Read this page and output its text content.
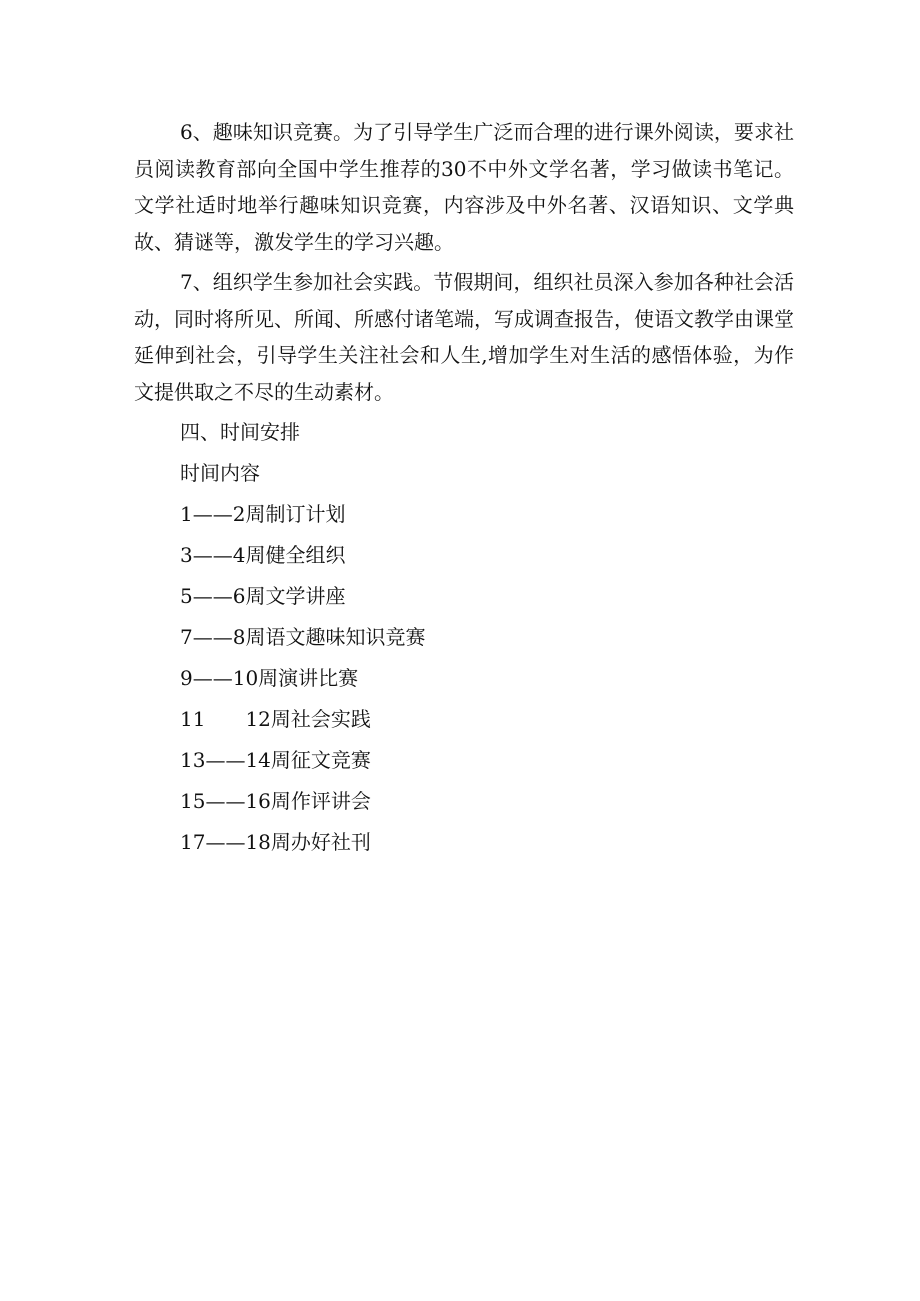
6、趣味知识竞赛。为了引导学生广泛而合理的进行课外阅读，要求社员阅读教育部向全国中学生推荐的30不中外文学名著，学习做读书笔记。文学社适时地举行趣味知识竞赛，内容涉及中外名著、汉语知识、文学典故、猜谜等，激发学生的学习兴趣。

7、组织学生参加社会实践。节假期间，组织社员深入参加各种社会活动，同时将所见、所闻、所感付诸笔端，写成调查报告，使语文教学由课堂延伸到社会，引导学生关注社会和人生,增加学生对生活的感悟体验，为作文提供取之不尽的生动素材。

四、时间安排

时间内容

1——2周制订计划

3——4周健全组织

5——6周文学讲座

7——8周语文趣味知识竞赛

9——10周演讲比赛

11　　12周社会实践

13——14周征文竞赛

15——16周作评讲会

17——18周办好社刊
